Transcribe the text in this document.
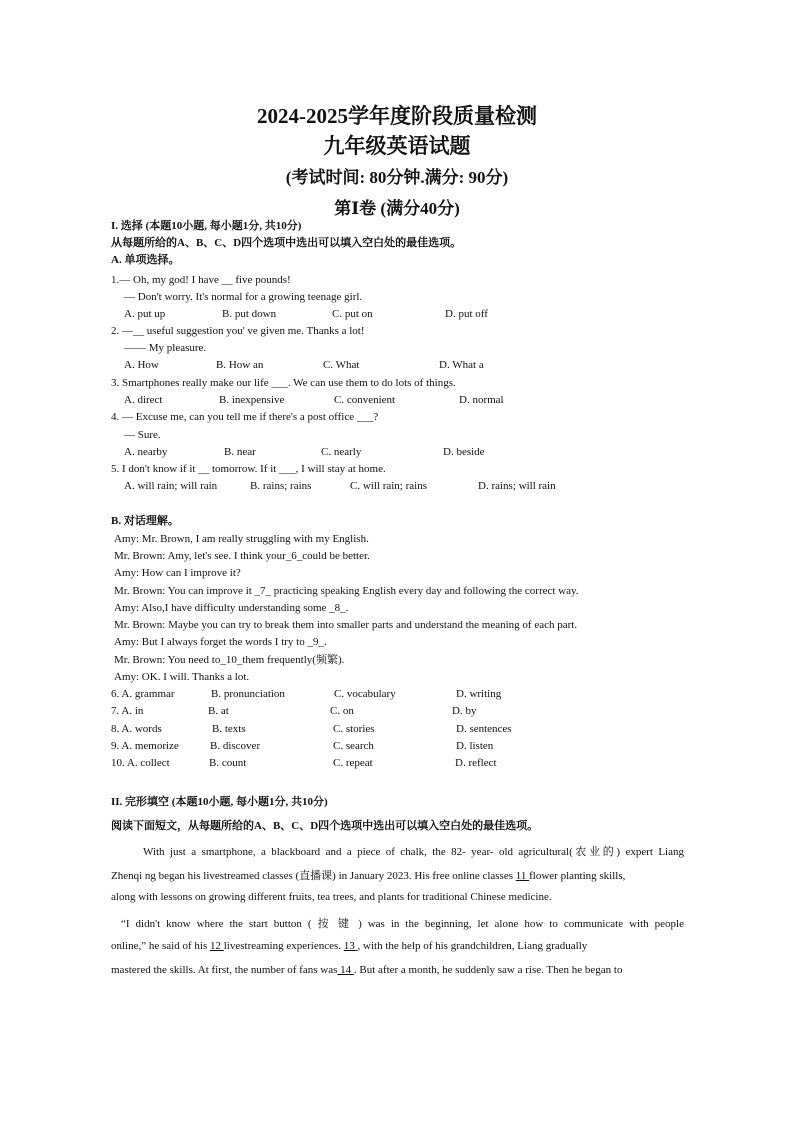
2024-2025学年度阶段质量检测
九年级英语试题
(考试时间: 80分钟.满分: 90分)
第Ⅰ卷 (满分40分)
I. 选择 (本题10小题, 每小题1分, 共10分)
从每题所给的A、B、C、D四个选项中选出可以填入空白处的最佳选项。
A. 单项选择。
1.— Oh, my god! I have __ five pounds!
— Don't worry. It's normal for a growing teenage girl.
A. put up	B. put down	C. put on	D. put off
2. —__ useful suggestion you' ve given me. Thanks a lot!
—— My pleasure.
A. How	B. How an	C. What	D. What a
3. Smartphones really make our life ___. We can use them to do lots of things.
A. direct	B. inexpensive	C. convenient	D. normal
4. — Excuse me, can you tell me if there's a post office ___?
— Sure.
A. nearby	B. near	C. nearly	D. beside
5. I don't know if it __ tomorrow. If it ___, I will stay at home.
A. will rain; will rain	B. rains; rains	C. will rain; rains	D. rains; will rain
B. 对话理解。
Amy: Mr. Brown, I am really struggling with my English.
Mr. Brown: Amy, let's see. I think your_6_could be better.
Amy: How can I improve it?
Mr. Brown: You can improve it _7_ practicing speaking English every day and following the correct way.
Amy: Also,I have difficulty understanding some _8_.
Mr. Brown: Maybe you can try to break them into smaller parts and understand the meaning of each part.
Amy: But I always forget the words I try to _9_.
Mr. Brown: You need to_10_them frequently(频繁).
Amy: OK. I will. Thanks a lot.
6. A. grammar	B. pronunciation	C. vocabulary	D. writing
7. A. in	B. at	C. on	D. by
8. A. words	B. texts	C. stories	D. sentences
9. A. memorize	B. discover	C. search	D. listen
10. A. collect	B. count	C. repeat	D. reflect
II. 完形填空 (本题10小题, 每小题1分, 共10分)
阅读下面短文，从每题所给的A、B、C、D四个选项中选出可以填入空白处的最佳选项。
With just a smartphone, a blackboard and a piece of chalk, the 82- year- old agricultural(农业的) expert Liang
Zhenqi ng began his livestreamed classes (直播课) in January 2023. His free online classes 11 flower planting skills,
along with lessons on growing different fruits, tea trees, and plants for traditional Chinese medicine.
“I didn't know where the start button ( 按 键 ) was in the beginning, let alone how to communicate with people
online,” he said of his 12 livestreaming experiences. 13 , with the help of his grandchildren, Liang gradually
mastered the skills. At first, the number of fans was 14 . But after a month, he suddenly saw a rise. Then he began to
